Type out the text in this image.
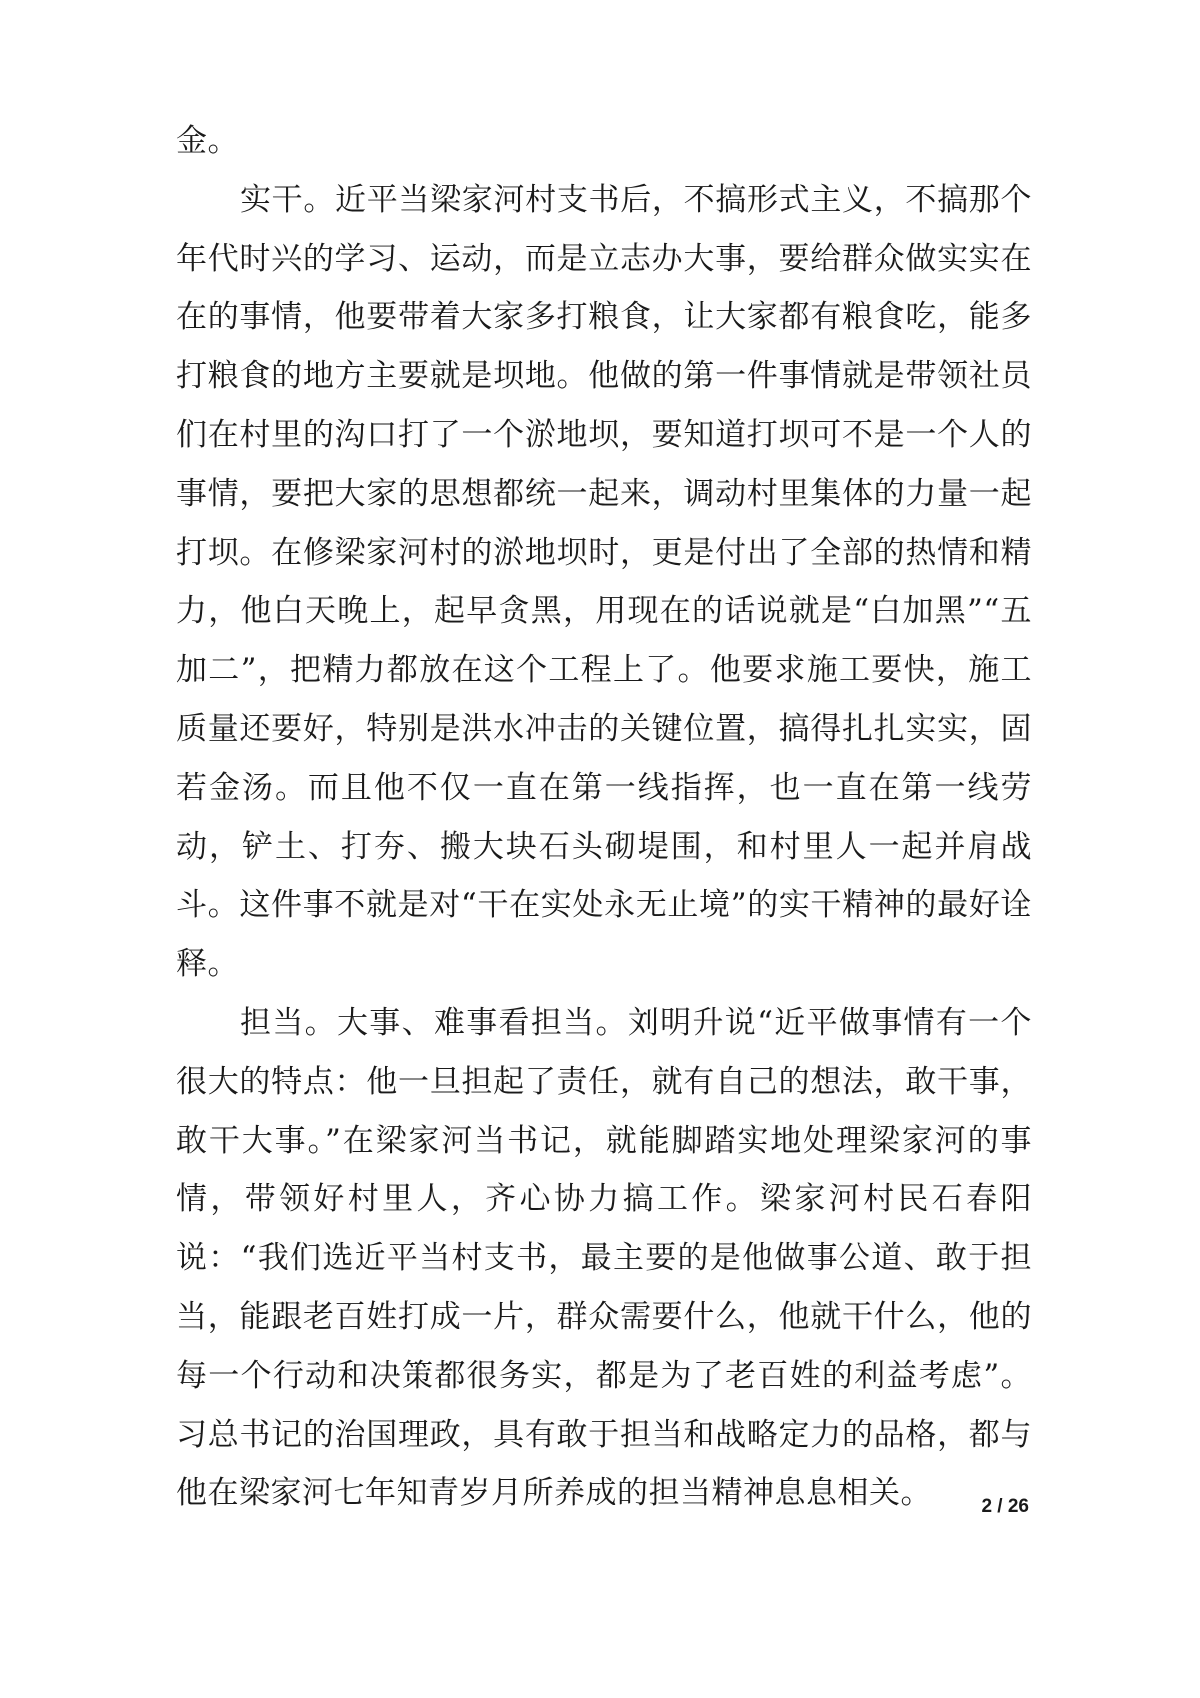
金。

实干。近平当梁家河村支书后，不搞形式主义，不搞那个年代时兴的学习、运动，而是立志办大事，要给群众做实实在在的事情，他要带着大家多打粮食，让大家都有粮食吃，能多打粮食的地方主要就是坝地。他做的第一件事情就是带领社员们在村里的沟口打了一个淤地坝，要知道打坝可不是一个人的事情，要把大家的思想都统一起来，调动村里集体的力量一起打坝。在修梁家河村的淤地坝时，更是付出了全部的热情和精力，他白天晚上，起早贪黑，用现在的话说就是“白加黑”“五加二”，把精力都放在这个工程上了。他要求施工要快，施工质量还要好，特别是洪水冲击的关键位置，搞得扎扎实实，固若金汤。而且他不仅一直在第一线指挥，也一直在第一线劳动，铲土、打夯、搬大块石头砌堤围，和村里人一起并肩战斗。这件事不就是对“干在实处永无止境”的实干精神的最好诠释。

担当。大事、难事看担当。刘明升说“近平做事情有一个很大的特点：他一旦担起了责任，就有自己的想法，敢干事，敢干大事。”在梁家河当书记，就能脚踏实地处理梁家河的事情，带领好村里人，齐心协力搞工作。梁家河村民石春阳说：“我们选近平当村支书，最主要的是他做事公道、敢于担当，能跟老百姓打成一片，群众需要什么，他就干什么，他的每一个行动和决策都很务实，都是为了老百姓的利益考虑”。习总书记的治国理政，具有敢于担当和战略定力的品格，都与他在梁家河七年知青岁月所养成的担当精神息息相关。	2 / 26
